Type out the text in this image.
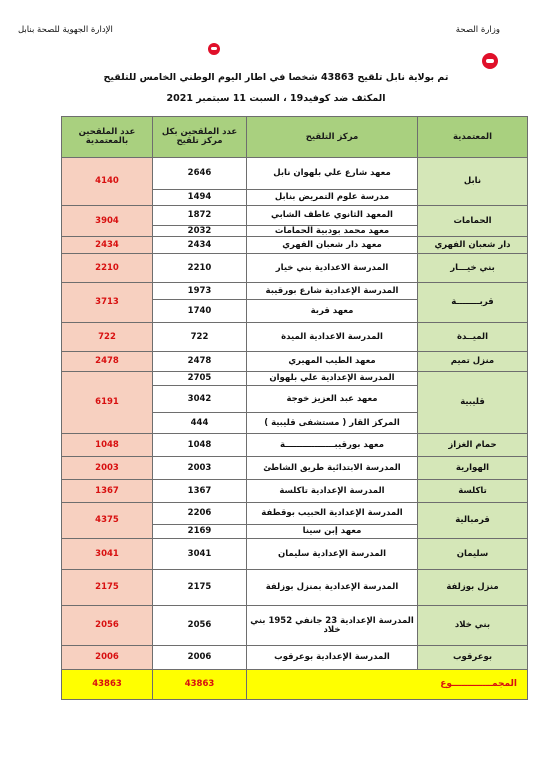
الإدارة الجهوية للصحة بنابل	وزارة الصحة
تم بولاية نابل تلقيح 43863 شخصا في اطار اليوم الوطني الخامس للتلقيح
المكثف ضد كوفيد19 ، السبت 11 سبتمبر 2021
عدد الملقحين بالمعتمدية	عدد الملقحين بكل مركز تلقيح	مركز التلقيح	المعتمدية
4140	2646	معهد شارع علي بلهوان نابل	نابل
	1494	مدرسة علوم التمريض بنابل	
3904	1872	المعهد الثانوي عاطف الشابي	الحمامات
	2032	معهد محمد بودبية الحمامات	
2434	2434	معهد دار شعبان الفهري	دار شعبان الفهري
2210	2210	المدرسة الاعدادية بني خيار	بني خيـــار
3713	1973	المدرسة الإعدادية شارع بورقيبة	قربــــــــة
	1740	معهد قربة	
722	722	المدرسة الاعدادية الميدة	الميــدة
2478	2478	معهد الطيب المهيري	منزل تميم
6191	2705	المدرسة الإعدادية علي بلهوان	قليبية
	3042	معهد عبد العزيز خوجة	
	444	المركز القار ( مستشفى قليبية )	
1048	1048	معهد بورقيبـــــــــــــــــة	حمام الغزاز
2003	2003	المدرسة الابتدائية طريق الشاطئ	الهوارية
1367	1367	المدرسة الإعدادية تاكلسة	تاكلسة
4375	2206	المدرسة الإعدادية الحبيب بوقطفة	قرمبالية
	2169	معهد إبن سينا	
3041	3041	المدرسة الإعدادية سليمان	سليمان
2175	2175	المدرسة الإعدادية بمنزل بوزلفة	منزل بوزلفة
2056	2056	المدرسة الإعدادية 23 جانفي 1952 بني خلاد	بني خلاد
2006	2006	المدرسة الإعدادية بوعرقوب	بوعرقوب
43863	43863	المجمـــــــــــــوع	
